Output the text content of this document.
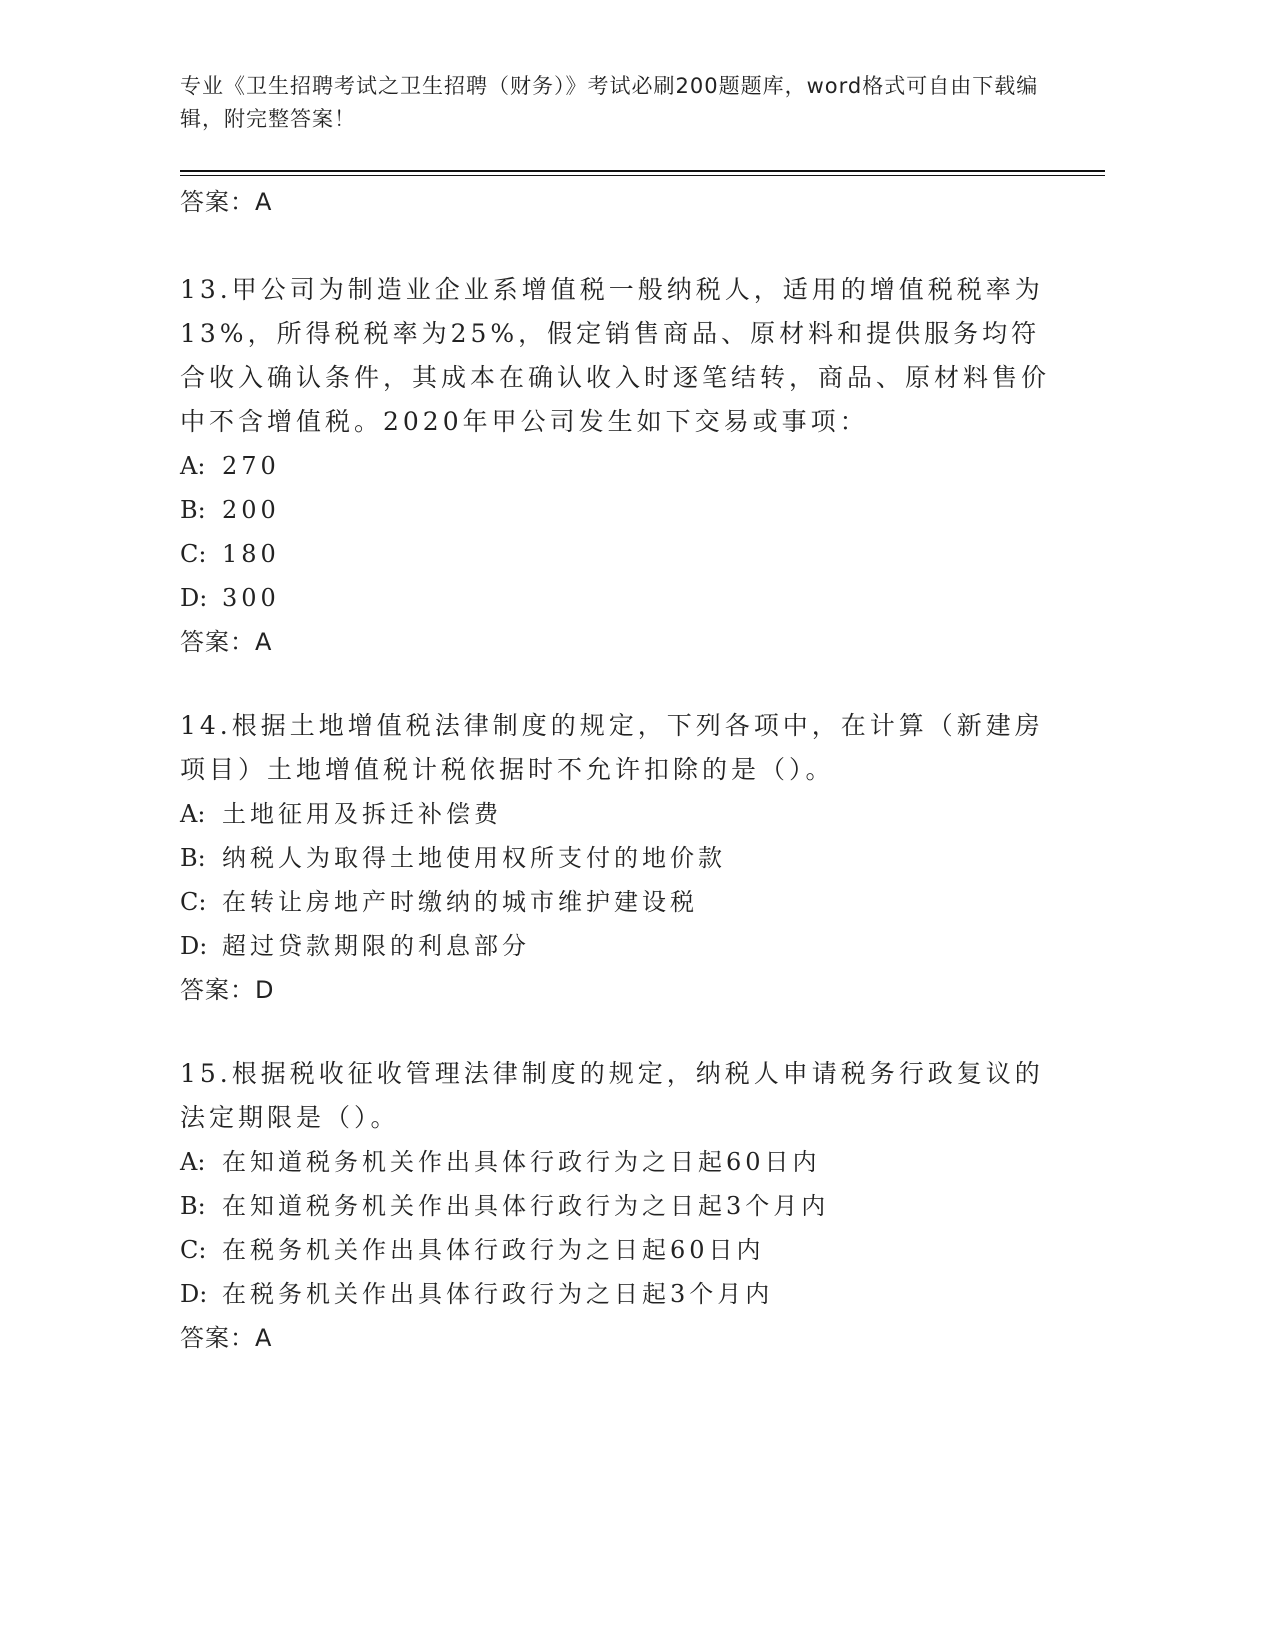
专业《卫生招聘考试之卫生招聘（财务）》考试必刷200题题库，word格式可自由下载编辑，附完整答案！
答案：A
13.甲公司为制造业企业系增值税一般纳税人，适用的增值税税率为13%，所得税税率为25%，假定销售商品、原材料和提供服务均符合收入确认条件，其成本在确认收入时逐笔结转，商品、原材料售价中不含增值税。2020年甲公司发生如下交易或事项：
A: 270
B: 200
C: 180
D: 300
答案：A
14.根据土地增值税法律制度的规定，下列各项中，在计算（新建房项目）土地增值税计税依据时不允许扣除的是（）。
A: 土地征用及拆迁补偿费
B: 纳税人为取得土地使用权所支付的地价款
C: 在转让房地产时缴纳的城市维护建设税
D: 超过贷款期限的利息部分
答案：D
15.根据税收征收管理法律制度的规定，纳税人申请税务行政复议的法定期限是（）。
A: 在知道税务机关作出具体行政行为之日起60日内
B: 在知道税务机关作出具体行政行为之日起3个月内
C: 在税务机关作出具体行政行为之日起60日内
D: 在税务机关作出具体行政行为之日起3个月内
答案：A
